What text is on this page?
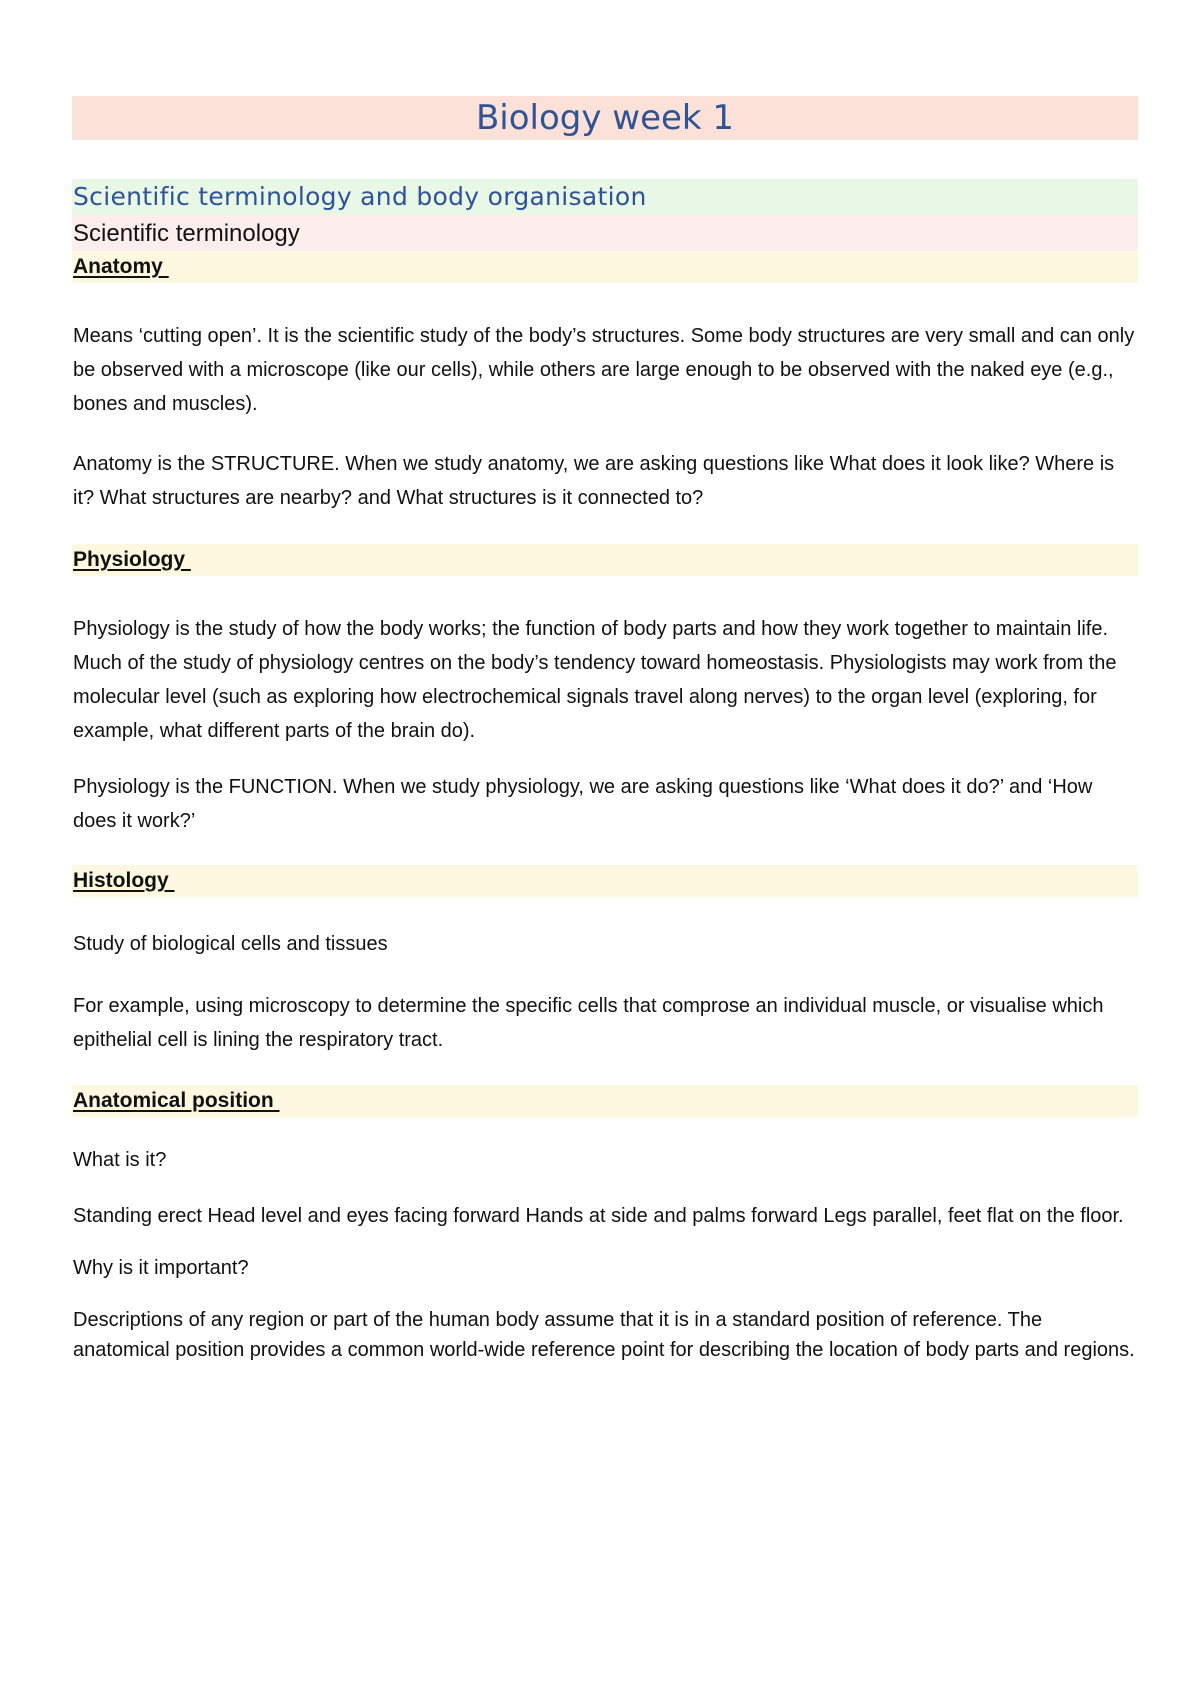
Biology week 1
Scientific terminology and body organisation
Scientific terminology
Anatomy

Means ‘cutting open’. It is the scientific study of the body’s structures. Some body structures are very small and can only be observed with a microscope (like our cells), while others are large enough to be observed with the naked eye (e.g., bones and muscles).

Anatomy is the STRUCTURE. When we study anatomy, we are asking questions like What does it look like? Where is it? What structures are nearby? and What structures is it connected to?

Physiology

Physiology is the study of how the body works; the function of body parts and how they work together to maintain life. Much of the study of physiology centres on the body’s tendency toward homeostasis. Physiologists may work from the molecular level (such as exploring how electrochemical signals travel along nerves) to the organ level (exploring, for example, what different parts of the brain do).

Physiology is the FUNCTION. When we study physiology, we are asking questions like ‘What does it do?’ and ‘How does it work?’

Histology

Study of biological cells and tissues

For example, using microscopy to determine the specific cells that comprose an individual muscle, or visualise which epithelial cell is lining the respiratory tract.

Anatomical position

What is it?

Standing erect Head level and eyes facing forward Hands at side and palms forward Legs parallel, feet flat on the floor.

Why is it important?

Descriptions of any region or part of the human body assume that it is in a standard position of reference. The anatomical position provides a common world-wide reference point for describing the location of body parts and regions.
